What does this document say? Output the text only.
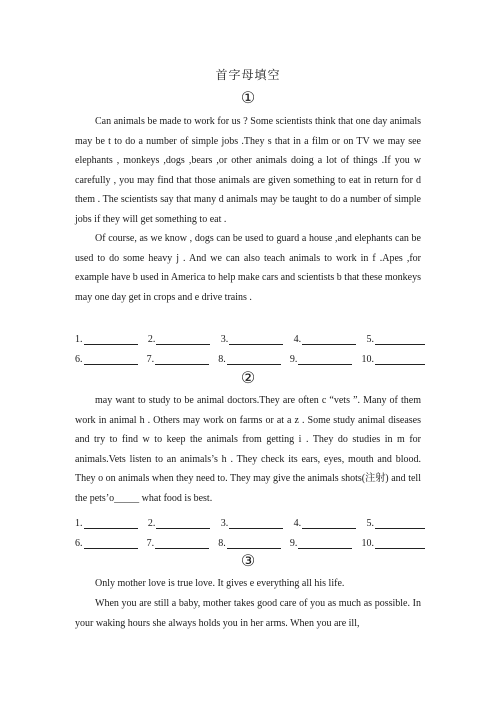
首字母填空
①

Can animals be made to work for us ? Some scientists think that one day animals may be t to do a number of simple jobs .They s that in a film or on TV we may see elephants , monkeys ,dogs ,bears ,or other animals doing a lot of things .If you w carefully , you may find that those animals are given something to eat in return for d them . The scientists say that many d animals may be taught to do a number of simple jobs if they will get something to eat .

Of course, as we know , dogs can be used to guard a house ,and elephants can be used to do some heavy j . And we can also teach animals to work in f .Apes ,for example have b used in America to help make cars and scientists b that these monkeys may one day get in crops and e drive trains .

1.	2.	3.	4.	5.
6.	7.	8.	9.	10.
②

may want to study to be animal doctors.They are often c “vets ”. Many of them work in animal h . Others may work on farms or at a z . Some study animal diseases and try to find w to keep the animals from getting i . They do studies in m for animals.Vets listen to an animals’s h . They check its ears, eyes, mouth and blood. They o on animals when they need to. They may give the animals shots(注射) and tell the pets’o_____ what food is best.

1.	2.	3.	4.	5.
6.	7.	8.	9.	10.
③

Only mother love is true love. It gives e everything all his life.

When you are still a baby, mother takes good care of you as much as possible. In your waking hours she always holds you in her arms. When you are ill,
